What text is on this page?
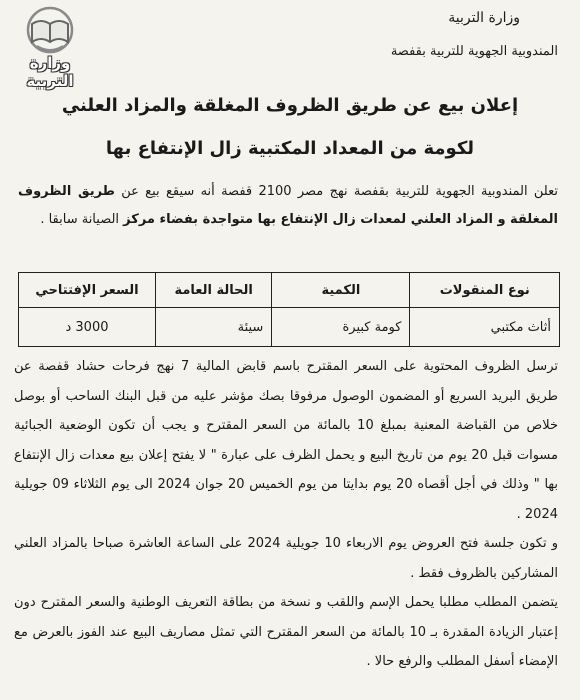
وزارة التربية
المندوبية الجهوية للتربية بقفصة
وزارة التربية
إعلان بيع عن طريق الظروف المغلقة والمزاد العلني
لكومة من المعداد المكتبية زال الإنتفاع بها
تعلن المندوبية الجهوية للتربية بقفصة نهج مصر 2100 قفصة أنه سيقع بيع عن طريق الظروف المغلقة و المزاد العلني لمعدات زال الإنتفاع بها متواجدة بفضاء مركز الصيانة سابقا .
نوع المنقولات	الكمية	الحالة العامة	السعر الإفتتاحي
أثاث مكتبي	كومة كبيرة	سيئة	3000 د

ترسل الظروف المحتوية على السعر المقترح باسم قابض المالية 7 نهج فرحات حشاد قفصة عن طريق البريد السريع أو المضمون الوصول مرفوقا بصك مؤشر عليه من قبل البنك الساحب أو بوصل خلاص من القباضة المعنية بمبلغ 10 بالمائة من السعر المقترح و يجب أن تكون الوضعية الجبائية مسوات قبل 20 يوم من تاريخ البيع و يحمل الظرف على عبارة " لا يفتح إعلان بيع معدات زال الإنتفاع بها " وذلك في أجل أقصاه 20 يوم بدايتا من يوم الخميس 20 جوان 2024 الى يوم الثلاثاء 09 جويلية 2024 .

و تكون جلسة فتح العروض يوم الاربعاء 10 جويلية 2024 على الساعة العاشرة صباحا بالمزاد العلني المشاركين بالظروف فقط .

يتضمن المطلب مطلبا يحمل الإسم واللقب و نسخة من بطاقة التعريف الوطنية والسعر المقترح دون إعتبار الزيادة المقدرة بـ 10 بالمائة من السعر المقترح التي تمثل مصاريف البيع عند الفوز بالعرض مع الإمضاء أسفل المطلب والرفع حالا .
